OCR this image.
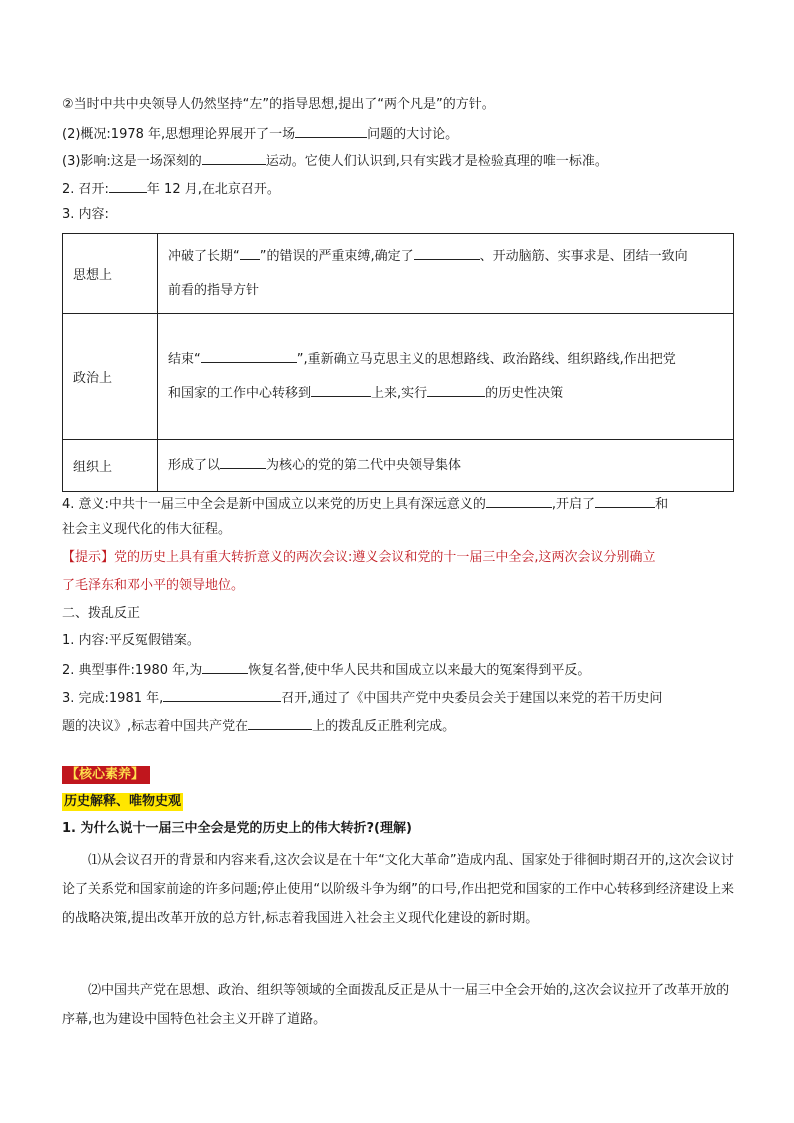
②当时中共中央领导人仍然坚持“左”的指导思想,提出了“两个凡是”的方针。
(2)概况:1978 年,思想理论界展开了一场	问题的大讨论。
(3)影响:这是一场深刻的	运动。它使人们认识到,只有实践才是检验真理的唯一标准。
2. 召开:	年 12 月,在北京召开。
3. 内容:
思想上	冲破了长期“ ”的错误的严重束缚,确定了 、开动脑筋、实事求是、团结一致向
前看的指导方针

政治上	结束“ ”,重新确立马克思主义的思想路线、政治路线、组织路线,作出把党
和国家的工作中心转移到 上来,实行 的历史性决策

组织上	形成了以 为核心的党的第二代中央领导集体
4. 意义:中共十一届三中全会是新中国成立以来党的历史上具有深远意义的	,开启了	和
社会主义现代化的伟大征程。
【提示】党的历史上具有重大转折意义的两次会议:遵义会议和党的十一届三中全会,这两次会议分别确立
了毛泽东和邓小平的领导地位。
二、拨乱反正
1. 内容:平反冤假错案。
2. 典型事件:1980 年,为	恢复名誉,使中华人民共和国成立以来最大的冤案得到平反。
3. 完成:1981 年,	召开,通过了《中国共产党中央委员会关于建国以来党的若干历史问
题的决议》,标志着中国共产党在	上的拨乱反正胜利完成。
【核心素养】
历史解释、唯物史观
1. 为什么说十一届三中全会是党的历史上的伟大转折?(理解)
⑴从会议召开的背景和内容来看,这次会议是在十年“文化大革命”造成内乱、国家处于徘徊时期召开的,这次会议讨论了关系党和国家前途的许多问题;停止使用“以阶级斗争为纲”的口号,作出把党和国家的工作中心转移到经济建设上来的战略决策,提出改革开放的总方针,标志着我国进入社会主义现代化建设的新时期。
⑵中国共产党在思想、政治、组织等领域的全面拨乱反正是从十一届三中全会开始的,这次会议拉开了改革开放的序幕,也为建设中国特色社会主义开辟了道路。
